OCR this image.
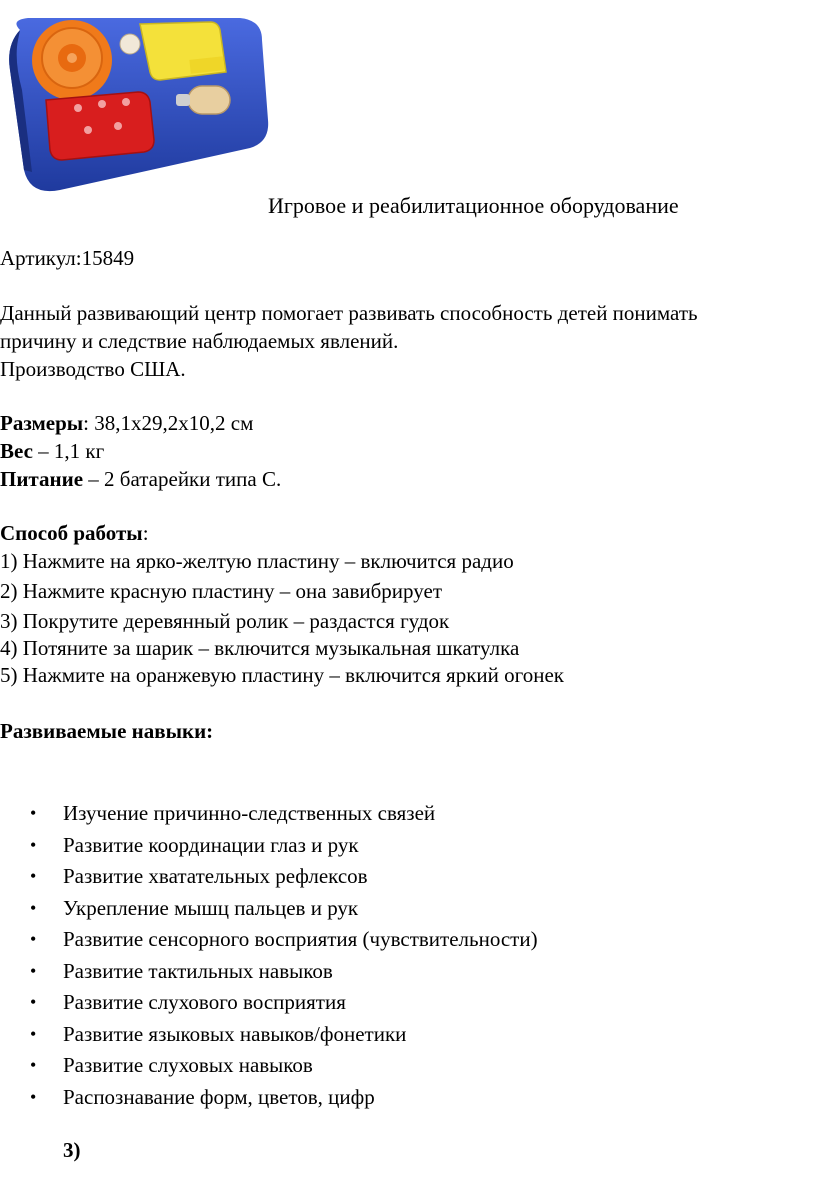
Игровое и реабилитационное оборудование
Артикул:15849
Данный развивающий центр помогает развивать способность детей понимать
причину и следствие наблюдаемых явлений.
Производство США.
Размеры: 38,1x29,2x10,2 см
Вес – 1,1 кг
Питание – 2 батарейки типа С.
Способ работы:
1) Нажмите на ярко-желтую пластину – включится радио
2) Нажмите красную пластину – она завибрирует
3) Покрутите деревянный ролик – раздастся гудок
4) Потяните за шарик – включится музыкальная шкатулка
5) Нажмите на оранжевую пластину – включится яркий огонек
Развиваемые навыки:
• Изучение причинно-следственных связей
• Развитие координации глаз и рук
• Развитие хватательных рефлексов
• Укрепление мышц пальцев и рук
• Развитие сенсорного восприятия (чувствительности)
• Развитие тактильных навыков
• Развитие слухового восприятия
• Развитие языковых навыков/фонетики
• Развитие слуховых навыков
• Распознавание форм, цветов, цифр
3)
